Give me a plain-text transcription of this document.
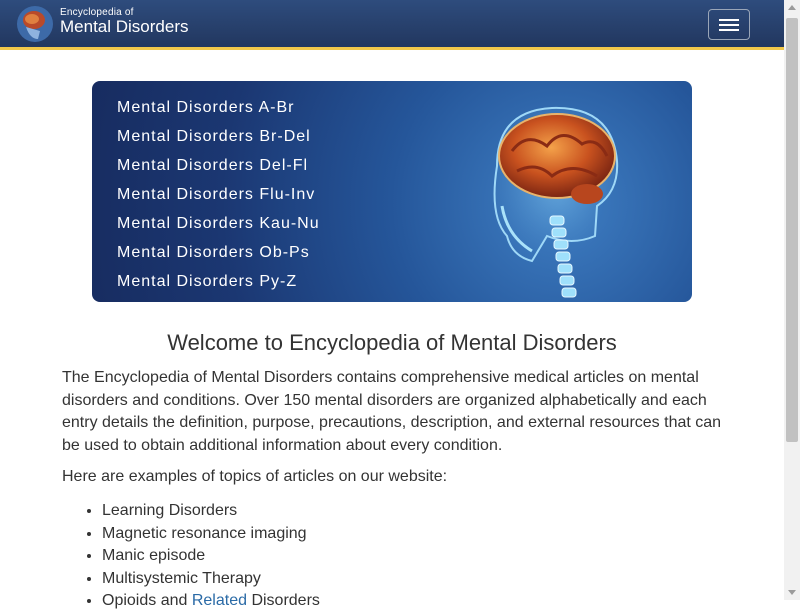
Encyclopedia of
Mental Disorders
Mental Disorders A-Br
Mental Disorders Br-Del
Mental Disorders Del-Fl
Mental Disorders Flu-Inv
Mental Disorders Kau-Nu
Mental Disorders Ob-Ps
Mental Disorders Py-Z
Welcome to Encyclopedia of Mental Disorders

The Encyclopedia of Mental Disorders contains comprehensive medical articles on mental disorders and conditions. Over 150 mental disorders are organized alphabetically and each entry details the definition, purpose, precautions, description, and external resources that can be used to obtain additional information about every condition.

Here are examples of topics of articles on our website:

• Learning Disorders
• Magnetic resonance imaging
• Manic episode
• Multisystemic Therapy
• Opioids and Related Disorders
